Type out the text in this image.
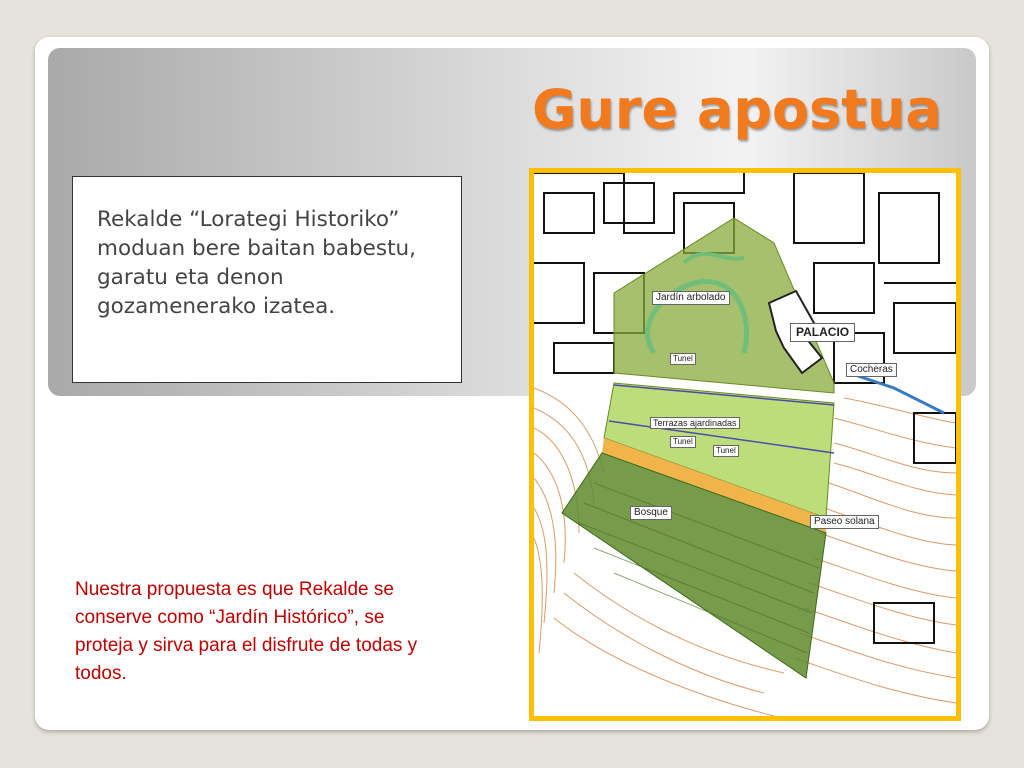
Gure apostua
Rekalde “Lorategi Historiko” moduan bere baitan babestu, garatu eta denon gozamenerako izatea.
Nuestra propuesta es que Rekalde se conserve como “Jardín Histórico”, se proteja y sirva para el disfrute de todas y todos.
Jardín arbolado
PALACIO
Tunel
Cocheras
Terrazas ajardinadas
Tunel
Tunel
Bosque
Paseo solana
